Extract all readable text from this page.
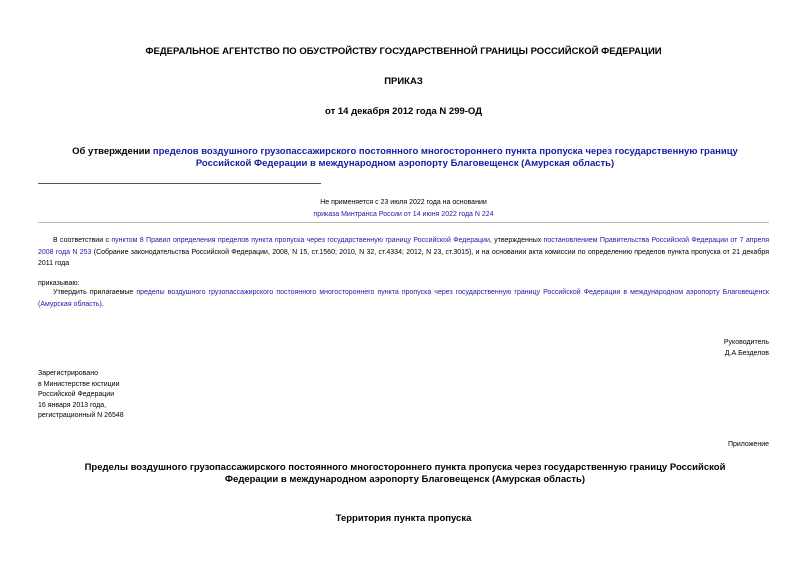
ФЕДЕРАЛЬНОЕ АГЕНТСТВО ПО ОБУСТРОЙСТВУ ГОСУДАРСТВЕННОЙ ГРАНИЦЫ РОССИЙСКОЙ ФЕДЕРАЦИИ
ПРИКАЗ
от 14 декабря 2012 года N 299-ОД
Об утверждении пределов воздушного грузопассажирского постоянного многостороннего пункта пропуска через государственную границу Российской Федерации в международном аэропорту Благовещенск (Амурская область)
Не применяется с 23 июля 2022 года на основании
приказа Минтранса России от 14 июня 2022 года N 224
В соответствии с пунктом 8 Правил определения пределов пункта пропуска через государственную границу Российской Федерации, утвержденных постановлением Правительства Российской Федерации от 7 апреля 2008 года N 253 (Собрание законодательства Российской Федерации, 2008, N 15, ст.1560; 2010, N 32, ст.4334; 2012, N 23, ст.3015), и на основании акта комиссии по определению пределов пункта пропуска от 21 декабря 2011 года
приказываю:
Утвердить прилагаемые пределы воздушного грузопассажирского постоянного многостороннего пункта пропуска через государственную границу Российской Федерации в международном аэропорту Благовещенск (Амурская область).
Руководитель
Д.А.Безделов
Зарегистрировано
в Министерстве юстиции
Российской Федерации
16 января 2013 года,
регистрационный N 26548
Приложение
Пределы воздушного грузопассажирского постоянного многостороннего пункта пропуска через государственную границу Российской Федерации в международном аэропорту Благовещенск (Амурская область)
Территория пункта пропуска
